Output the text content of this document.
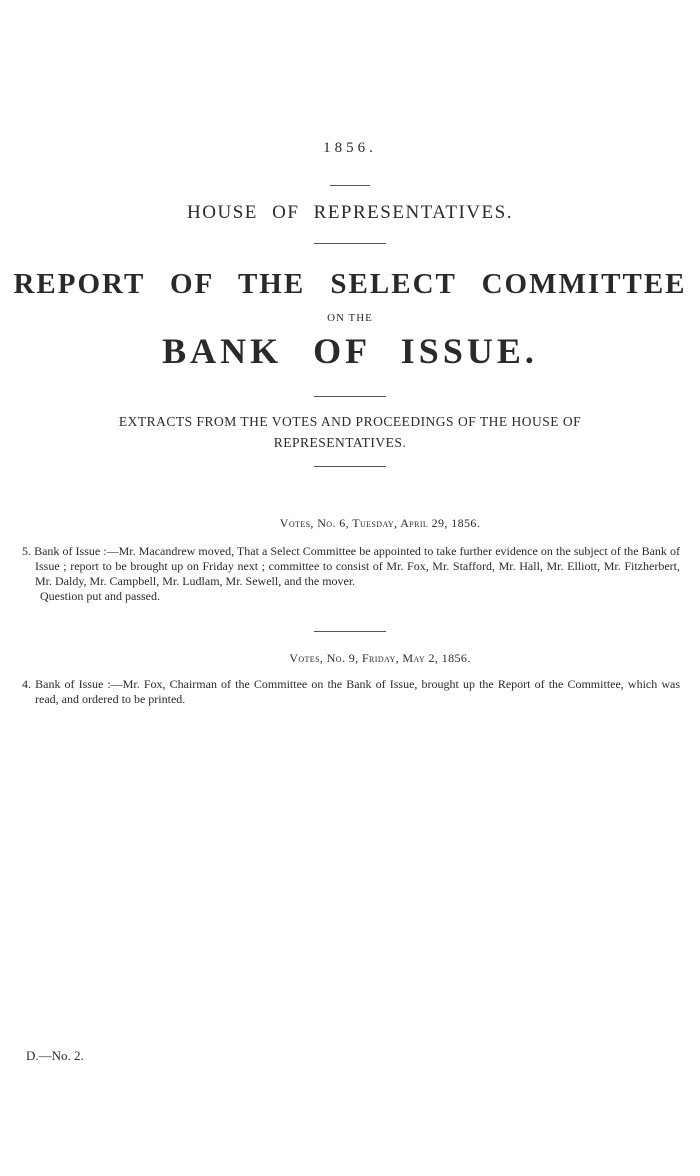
1856.
HOUSE OF REPRESENTATIVES.
REPORT OF THE SELECT COMMITTEE
ON THE
BANK OF ISSUE.
EXTRACTS FROM THE VOTES AND PROCEEDINGS OF THE HOUSE OF
REPRESENTATIVES.
Votes, No. 6, Tuesday, April 29, 1856.

5. Bank of Issue :—Mr. Macandrew moved, That a Select Committee be appointed to take further evidence on the subject of the Bank of Issue ; report to be brought up on Friday next ; committee to consist of Mr. Fox, Mr. Stafford, Mr. Hall, Mr. Elliott, Mr. Fitzherbert, Mr. Daldy, Mr. Campbell, Mr. Ludlam, Mr. Sewell, and the mover.

Question put and passed.
Votes, No. 9, Friday, May 2, 1856.

4. Bank of Issue :—Mr. Fox, Chairman of the Committee on the Bank of Issue, brought up the Report of the Committee, which was read, and ordered to be printed.

D.—No. 2.
